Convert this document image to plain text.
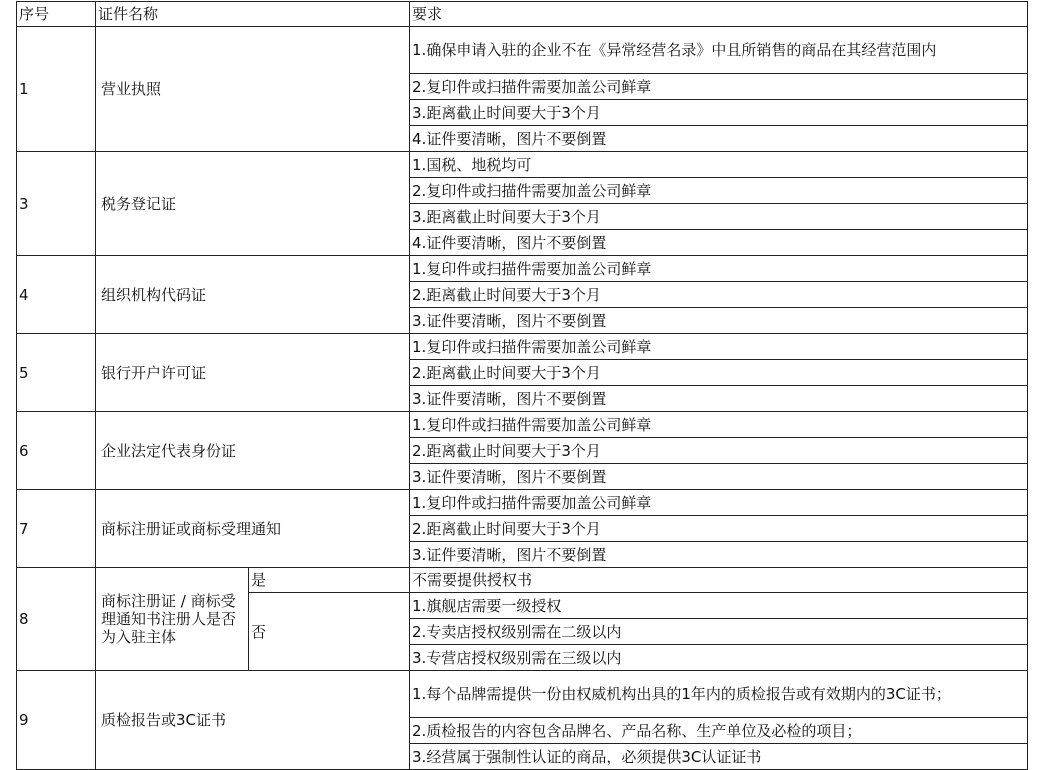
序号	证件名称		要求
1	营业执照		1.确保申请入驻的企业不在《异常经营名录》中且所销售的商品在其经营范围内
			2.复印件或扫描件需要加盖公司鲜章
			3.距离截止时间要大于3个月
			4.证件要清晰，图片不要倒置
3	税务登记证		1.国税、地税均可
			2.复印件或扫描件需要加盖公司鲜章
			3.距离截止时间要大于3个月
			4.证件要清晰，图片不要倒置
4	组织机构代码证		1.复印件或扫描件需要加盖公司鲜章
			2.距离截止时间要大于3个月
			3.证件要清晰，图片不要倒置
5	银行开户许可证		1.复印件或扫描件需要加盖公司鲜章
			2.距离截止时间要大于3个月
			3.证件要清晰，图片不要倒置
6	企业法定代表身份证		1.复印件或扫描件需要加盖公司鲜章
			2.距离截止时间要大于3个月
			3.证件要清晰，图片不要倒置
7	商标注册证或商标受理通知		1.复印件或扫描件需要加盖公司鲜章
			2.距离截止时间要大于3个月
			3.证件要清晰，图片不要倒置
8	商标注册证 / 商标受理通知书注册人是否为入驻主体	是	不需要提供授权书
		否	1.旗舰店需要一级授权
			2.专卖店授权级别需在二级以内
			3.专营店授权级别需在三级以内
9	质检报告或3C证书		1.每个品牌需提供一份由权威机构出具的1年内的质检报告或有效期内的3C证书；
			2.质检报告的内容包含品牌名、产品名称、生产单位及必检的项目；
			3.经营属于强制性认证的商品，必须提供3C认证证书
